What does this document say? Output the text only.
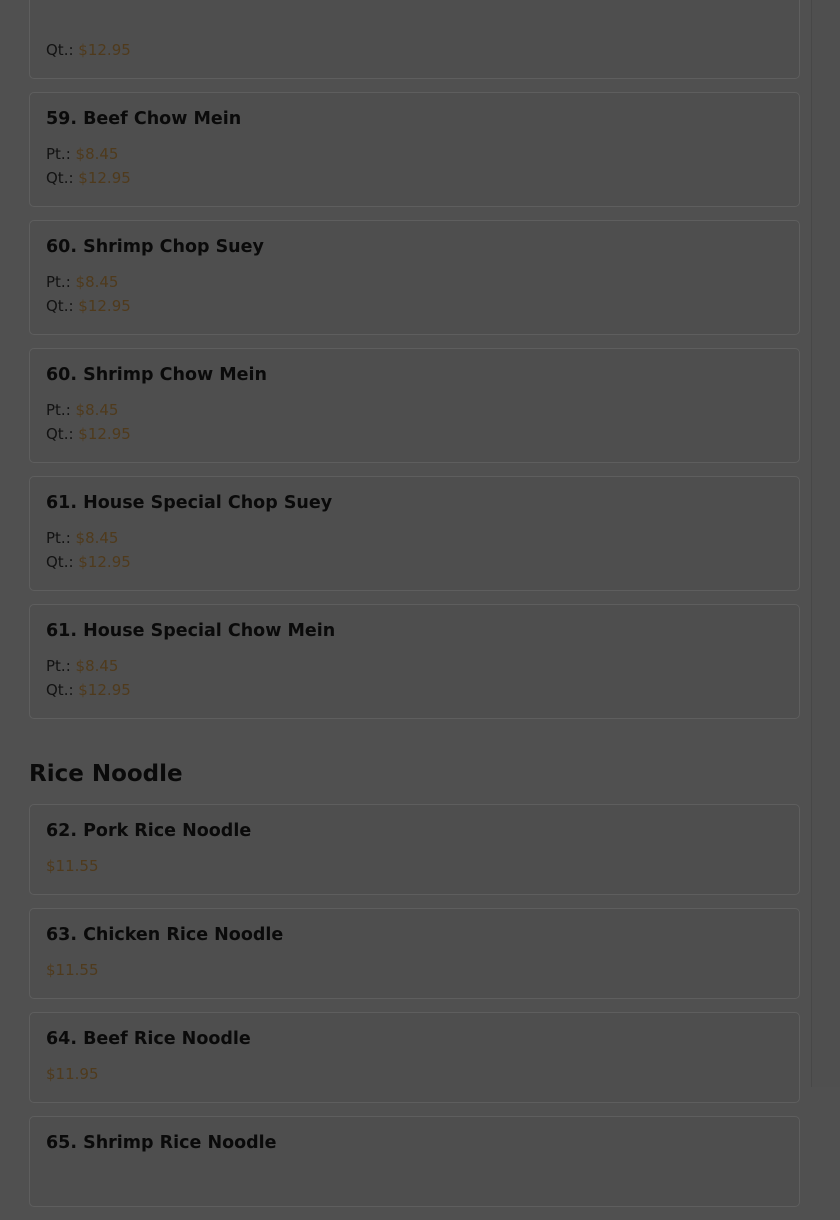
Qt.: $12.95
59. Beef Chow Mein
Pt.: $8.45
Qt.: $12.95
60. Shrimp Chop Suey
Pt.: $8.45
Qt.: $12.95
60. Shrimp Chow Mein
Pt.: $8.45
Qt.: $12.95
61. House Special Chop Suey
Pt.: $8.45
Qt.: $12.95
61. House Special Chow Mein
Pt.: $8.45
Qt.: $12.95
Rice Noodle
62. Pork Rice Noodle
$11.55
63. Chicken Rice Noodle
$11.55
64. Beef Rice Noodle
$11.95
65. Shrimp Rice Noodle
